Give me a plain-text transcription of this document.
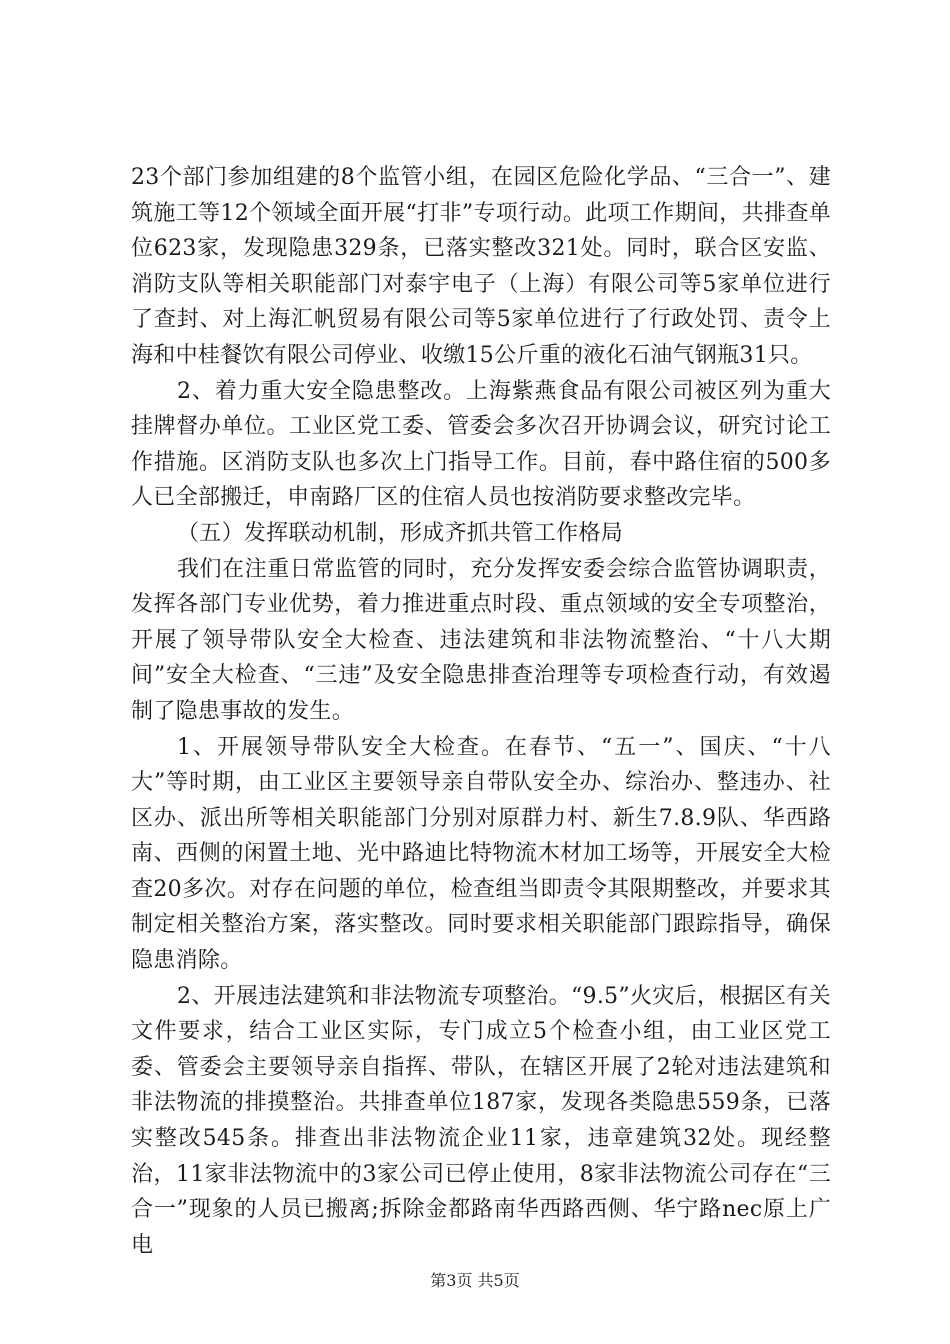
23个部门参加组建的8个监管小组，在园区危险化学品、“三合一”、建筑施工等12个领域全面开展“打非”专项行动。此项工作期间，共排查单位623家，发现隐患329条，已落实整改321处。同时，联合区安监、消防支队等相关职能部门对泰宇电子（上海）有限公司等5家单位进行了查封、对上海汇帆贸易有限公司等5家单位进行了行政处罚、责令上海和中桂餐饮有限公司停业、收缴15公斤重的液化石油气钢瓶31只。

2、着力重大安全隐患整改。上海紫燕食品有限公司被区列为重大挂牌督办单位。工业区党工委、管委会多次召开协调会议，研究讨论工作措施。区消防支队也多次上门指导工作。目前，春中路住宿的500多人已全部搬迁，申南路厂区的住宿人员也按消防要求整改完毕。

（五）发挥联动机制，形成齐抓共管工作格局

我们在注重日常监管的同时，充分发挥安委会综合监管协调职责，发挥各部门专业优势，着力推进重点时段、重点领域的安全专项整治，开展了领导带队安全大检查、违法建筑和非法物流整治、“十八大期间”安全大检查、“三违”及安全隐患排查治理等专项检查行动，有效遏制了隐患事故的发生。

1、开展领导带队安全大检查。在春节、“五一”、国庆、“十八大”等时期，由工业区主要领导亲自带队安全办、综治办、整违办、社区办、派出所等相关职能部门分别对原群力村、新生7.8.9队、华西路南、西侧的闲置土地、光中路迪比特物流木材加工场等，开展安全大检查20多次。对存在问题的单位，检查组当即责令其限期整改，并要求其制定相关整治方案，落实整改。同时要求相关职能部门跟踪指导，确保隐患消除。

2、开展违法建筑和非法物流专项整治。“9.5”火灾后，根据区有关文件要求，结合工业区实际，专门成立5个检查小组，由工业区党工委、管委会主要领导亲自指挥、带队，在辖区开展了2轮对违法建筑和非法物流的排摸整治。共排查单位187家，发现各类隐患559条，已落实整改545条。排查出非法物流企业11家，违章建筑32处。现经整治，11家非法物流中的3家公司已停止使用，8家非法物流公司存在“三合一”现象的人员已搬离;拆除金都路南华西路西侧、华宁路nec原上广电

第3页 共5页
